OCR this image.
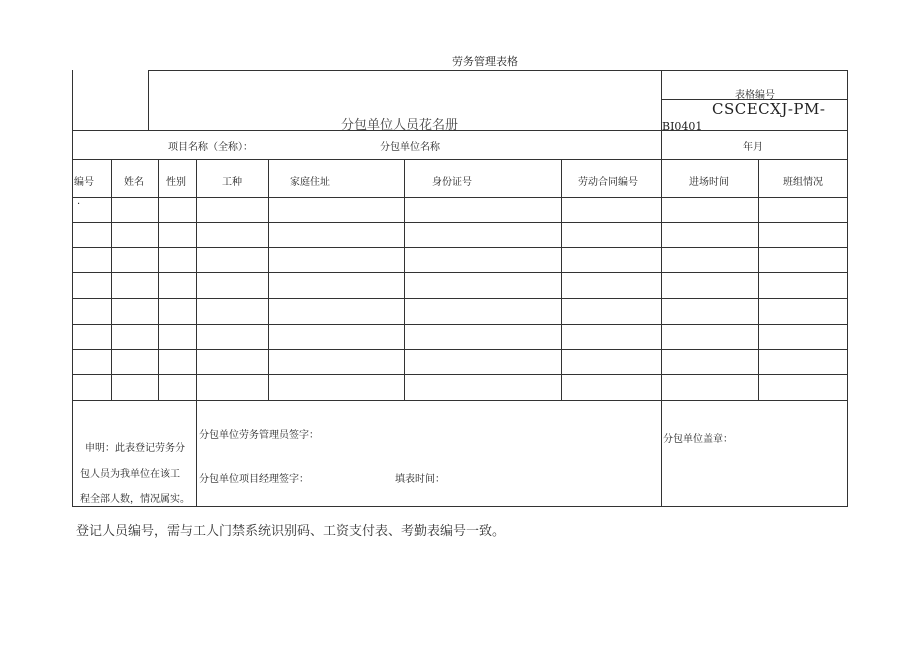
劳务管理表格
分包单位人员花名册
表格编号
CSCECXJ-PM-
BI0401
项目名称（全称）：	分包单位名称	年月
编号	姓名 性别	工种	家庭住址	身份证号	劳动合同编号	进场时间	班组情况
·
申明：此表登记劳务分
包人员为我单位在该工
程全部人数，情况属实。
分包单位劳务管理员签字：
分包单位项目经理签字：	填表时间：
分包单位盖章：
登记人员编号，需与工人门禁系统识别码、工资支付表、考勤表编号一致。
